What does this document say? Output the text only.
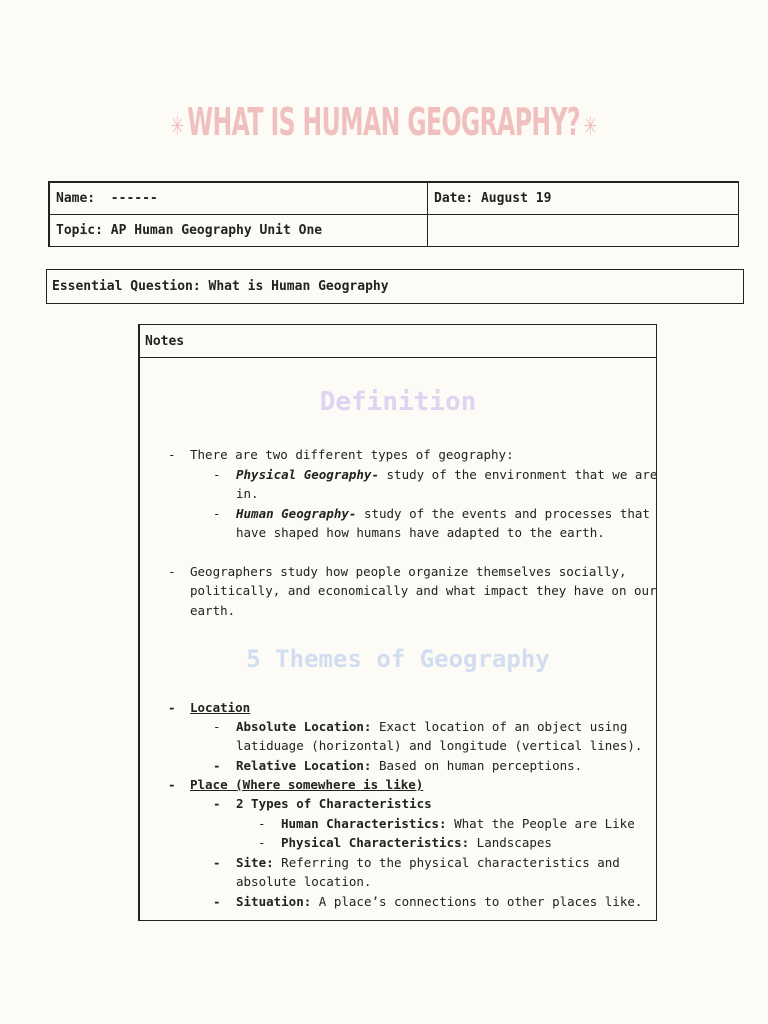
✳WHAT IS HUMAN GEOGRAPHY? ✳
Name: ------	Date: August 19
Topic: AP Human Geography Unit One	
Essential Question: What is Human Geography
Notes
Definition
- There are two different types of geography:
- Physical Geography- study of the environment that we are
in.
- Human Geography- study of the events and processes that
have shaped how humans have adapted to the earth.
- Geographers study how people organize themselves socially,
politically, and economically and what impact they have on our
earth.
5 Themes of Geography
- Location
- Absolute Location: Exact location of an object using
latiduage (horizontal) and longitude (vertical lines).
- Relative Location: Based on human perceptions.
- Place (Where somewhere is like)
- 2 Types of Characteristics
- Human Characteristics: What the People are Like
- Physical Characteristics: Landscapes
- Site: Referring to the physical characteristics and
absolute location.
- Situation: A place’s connections to other places like.
